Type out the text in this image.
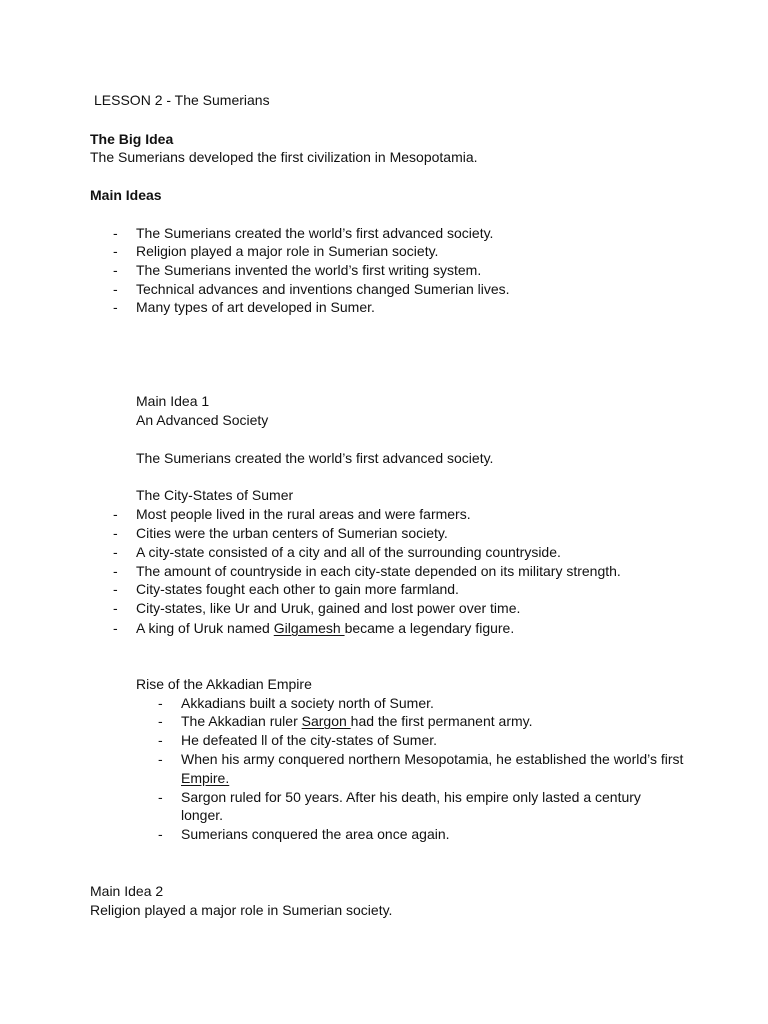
LESSON 2 - The Sumerians
The Big Idea
The Sumerians developed the first civilization in Mesopotamia.
Main Ideas
- The Sumerians created the world’s first advanced society.
- Religion played a major role in Sumerian society.
- The Sumerians invented the world’s first writing system.
- Technical advances and inventions changed Sumerian lives.
- Many types of art developed in Sumer.
Main Idea 1
An Advanced Society
The Sumerians created the world’s first advanced society.
The City-States of Sumer
- Most people lived in the rural areas and were farmers.
- Cities were the urban centers of Sumerian society.
- A city-state consisted of a city and all of the surrounding countryside.
- The amount of countryside in each city-state depended on its military strength.
- City-states fought each other to gain more farmland.
- City-states, like Ur and Uruk, gained and lost power over time.
- A king of Uruk named Gilgamesh became a legendary figure.
Rise of the Akkadian Empire
- Akkadians built a society north of Sumer.
- The Akkadian ruler Sargon had the first permanent army.
- He defeated ll of the city-states of Sumer.
- When his army conquered northern Mesopotamia, he established the world’s first
Empire.
- Sargon ruled for 50 years. After his death, his empire only lasted a century
longer.
- Sumerians conquered the area once again.
Main Idea 2
Religion played a major role in Sumerian society.
